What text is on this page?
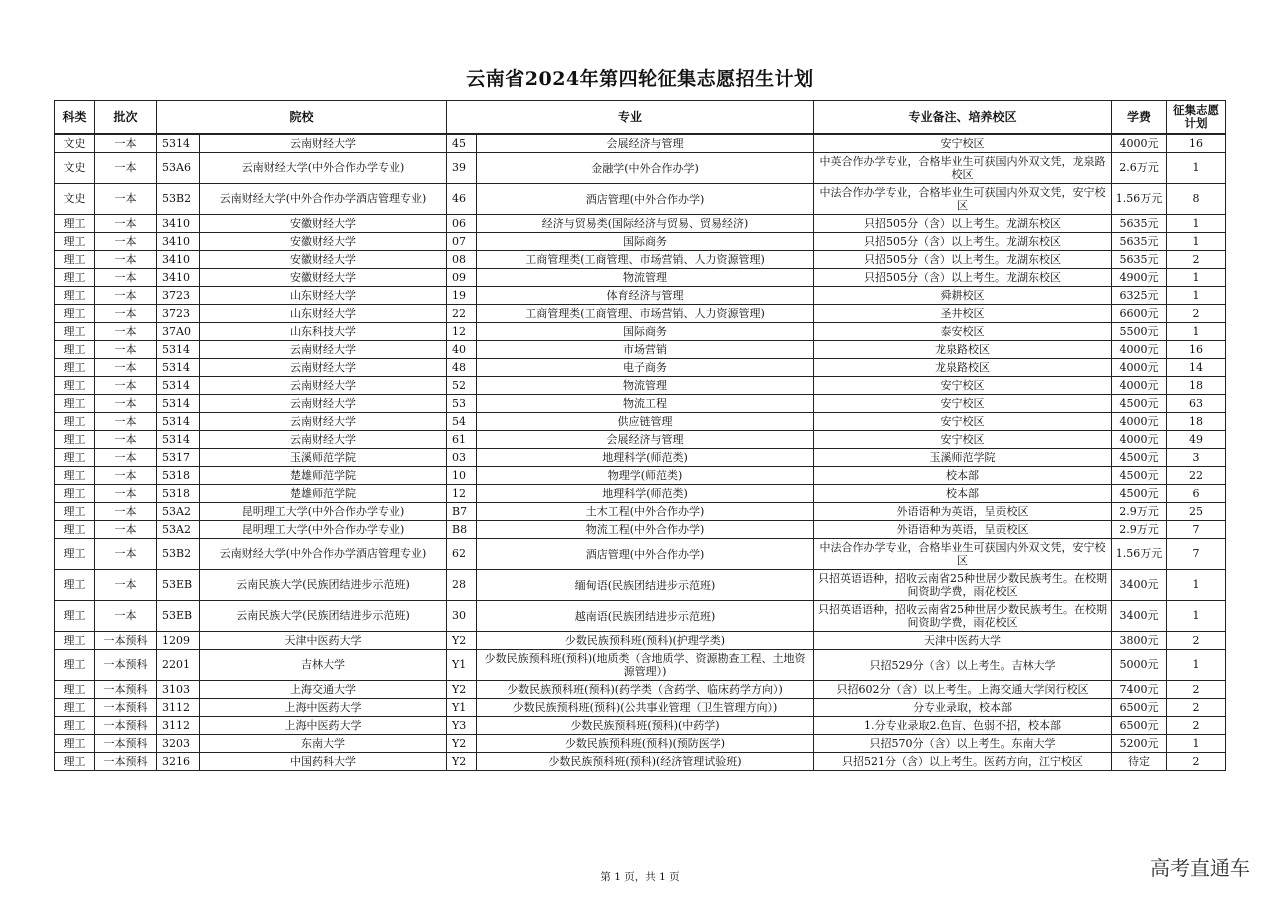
云南省2024年第四轮征集志愿招生计划
科类	批次	院校		专业		专业备注、培养校区	学费	征集志愿计划
文史	一本	5314	云南财经大学	45	会展经济与管理	安宁校区	4000元	16
文史	一本	53A6	云南财经大学(中外合作办学专业)	39	金融学(中外合作办学)	中英合作办学专业，合格毕业生可获国内外双文凭，龙泉路校区	2.6万元	1
文史	一本	53B2	云南财经大学(中外合作办学酒店管理专业)	46	酒店管理(中外合作办学)	中法合作办学专业，合格毕业生可获国内外双文凭，安宁校区	1.56万元	8
理工	一本	3410	安徽财经大学	06	经济与贸易类(国际经济与贸易、贸易经济)	只招505分（含）以上考生。龙湖东校区	5635元	1
理工	一本	3410	安徽财经大学	07	国际商务	只招505分（含）以上考生。龙湖东校区	5635元	1
理工	一本	3410	安徽财经大学	08	工商管理类(工商管理、市场营销、人力资源管理)	只招505分（含）以上考生。龙湖东校区	5635元	2
理工	一本	3410	安徽财经大学	09	物流管理	只招505分（含）以上考生。龙湖东校区	4900元	1
理工	一本	3723	山东财经大学	19	体育经济与管理	舜耕校区	6325元	1
理工	一本	3723	山东财经大学	22	工商管理类(工商管理、市场营销、人力资源管理)	圣井校区	6600元	2
理工	一本	37A0	山东科技大学	12	国际商务	泰安校区	5500元	1
理工	一本	5314	云南财经大学	40	市场营销	龙泉路校区	4000元	16
理工	一本	5314	云南财经大学	48	电子商务	龙泉路校区	4000元	14
理工	一本	5314	云南财经大学	52	物流管理	安宁校区	4000元	18
理工	一本	5314	云南财经大学	53	物流工程	安宁校区	4500元	63
理工	一本	5314	云南财经大学	54	供应链管理	安宁校区	4000元	18
理工	一本	5314	云南财经大学	61	会展经济与管理	安宁校区	4000元	49
理工	一本	5317	玉溪师范学院	03	地理科学(师范类)	玉溪师范学院	4500元	3
理工	一本	5318	楚雄师范学院	10	物理学(师范类)	校本部	4500元	22
理工	一本	5318	楚雄师范学院	12	地理科学(师范类)	校本部	4500元	6
理工	一本	53A2	昆明理工大学(中外合作办学专业)	B7	土木工程(中外合作办学)	外语语种为英语，呈贡校区	2.9万元	25
理工	一本	53A2	昆明理工大学(中外合作办学专业)	B8	物流工程(中外合作办学)	外语语种为英语，呈贡校区	2.9万元	7
理工	一本	53B2	云南财经大学(中外合作办学酒店管理专业)	62	酒店管理(中外合作办学)	中法合作办学专业，合格毕业生可获国内外双文凭，安宁校区	1.56万元	7
理工	一本	53EB	云南民族大学(民族团结进步示范班)	28	缅甸语(民族团结进步示范班)	只招英语语种，招收云南省25种世居少数民族考生。在校期间资助学费，雨花校区	3400元	1
理工	一本	53EB	云南民族大学(民族团结进步示范班)	30	越南语(民族团结进步示范班)	只招英语语种，招收云南省25种世居少数民族考生。在校期间资助学费，雨花校区	3400元	1
理工	一本预科	1209	天津中医药大学	Y2	少数民族预科班(预科)(护理学类)	天津中医药大学	3800元	2
理工	一本预科	2201	吉林大学	Y1	少数民族预科班(预科)(地质类（含地质学、资源勘查工程、土地资源管理）)	只招529分（含）以上考生。吉林大学	5000元	1
理工	一本预科	3103	上海交通大学	Y2	少数民族预科班(预科)(药学类（含药学、临床药学方向）)	只招602分（含）以上考生。上海交通大学闵行校区	7400元	2
理工	一本预科	3112	上海中医药大学	Y1	少数民族预科班(预科)(公共事业管理（卫生管理方向）)	分专业录取，校本部	6500元	2
理工	一本预科	3112	上海中医药大学	Y3	少数民族预科班(预科)(中药学)	1.分专业录取2.色盲、色弱不招，校本部	6500元	2
理工	一本预科	3203	东南大学	Y2	少数民族预科班(预科)(预防医学)	只招570分（含）以上考生。东南大学	5200元	1
理工	一本预科	3216	中国药科大学	Y2	少数民族预科班(预科)(经济管理试验班)	只招521分（含）以上考生。医药方向，江宁校区	待定	2
第 1 页，共 1 页	高考直通车
